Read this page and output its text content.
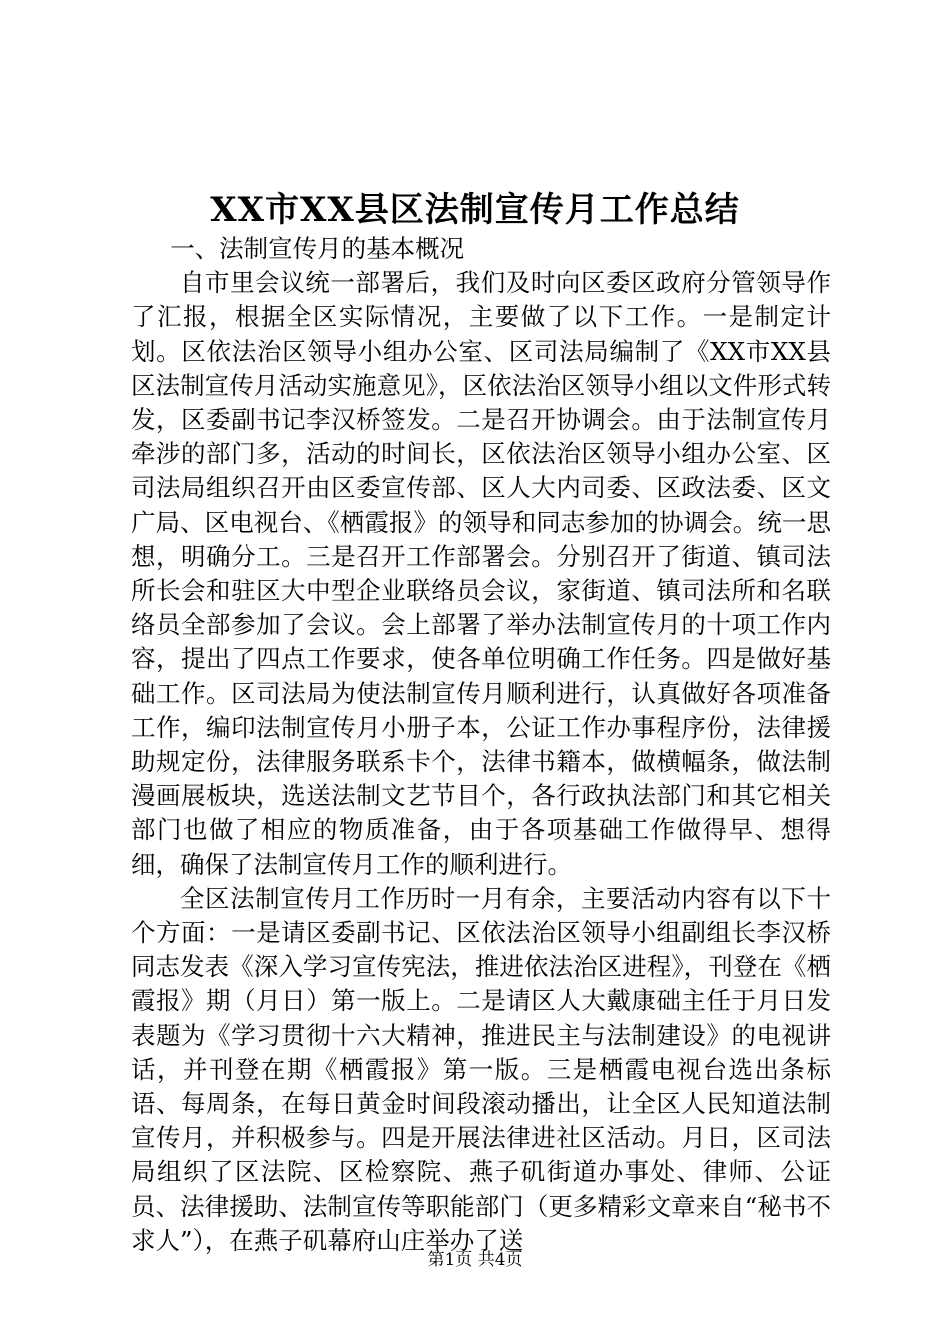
XX市XX县区法制宣传月工作总结

一、法制宣传月的基本概况

自市里会议统一部署后，我们及时向区委区政府分管领导作了汇报，根据全区实际情况，主要做了以下工作。一是制定计划。区依法治区领导小组办公室、区司法局编制了《XX市XX县区法制宣传月活动实施意见》，区依法治区领导小组以文件形式转发，区委副书记李汉桥签发。二是召开协调会。由于法制宣传月牵涉的部门多，活动的时间长，区依法治区领导小组办公室、区司法局组织召开由区委宣传部、区人大内司委、区政法委、区文广局、区电视台、《栖霞报》的领导和同志参加的协调会。统一思想，明确分工。三是召开工作部署会。分别召开了街道、镇司法所长会和驻区大中型企业联络员会议，家街道、镇司法所和名联络员全部参加了会议。会上部署了举办法制宣传月的十项工作内容，提出了四点工作要求，使各单位明确工作任务。四是做好基础工作。区司法局为使法制宣传月顺利进行，认真做好各项准备工作，编印法制宣传月小册子本，公证工作办事程序份，法律援助规定份，法律服务联系卡个，法律书籍本，做横幅条，做法制漫画展板块，选送法制文艺节目个，各行政执法部门和其它相关部门也做了相应的物质准备，由于各项基础工作做得早、想得细，确保了法制宣传月工作的顺利进行。

全区法制宣传月工作历时一月有余，主要活动内容有以下十个方面：一是请区委副书记、区依法治区领导小组副组长李汉桥同志发表《深入学习宣传宪法，推进依法治区进程》，刊登在《栖霞报》期（月日）第一版上。二是请区人大戴康础主任于月日发表题为《学习贯彻十六大精神，推进民主与法制建设》的电视讲话，并刊登在期《栖霞报》第一版。三是栖霞电视台选出条标语、每周条，在每日黄金时间段滚动播出，让全区人民知道法制宣传月，并积极参与。四是开展法律进社区活动。月日，区司法局组织了区法院、区检察院、燕子矶街道办事处、律师、公证员、法律援助、法制宣传等职能部门（更多精彩文章来自“秘书不求人”），在燕子矶幕府山庄举办了送

第1页 共4页
